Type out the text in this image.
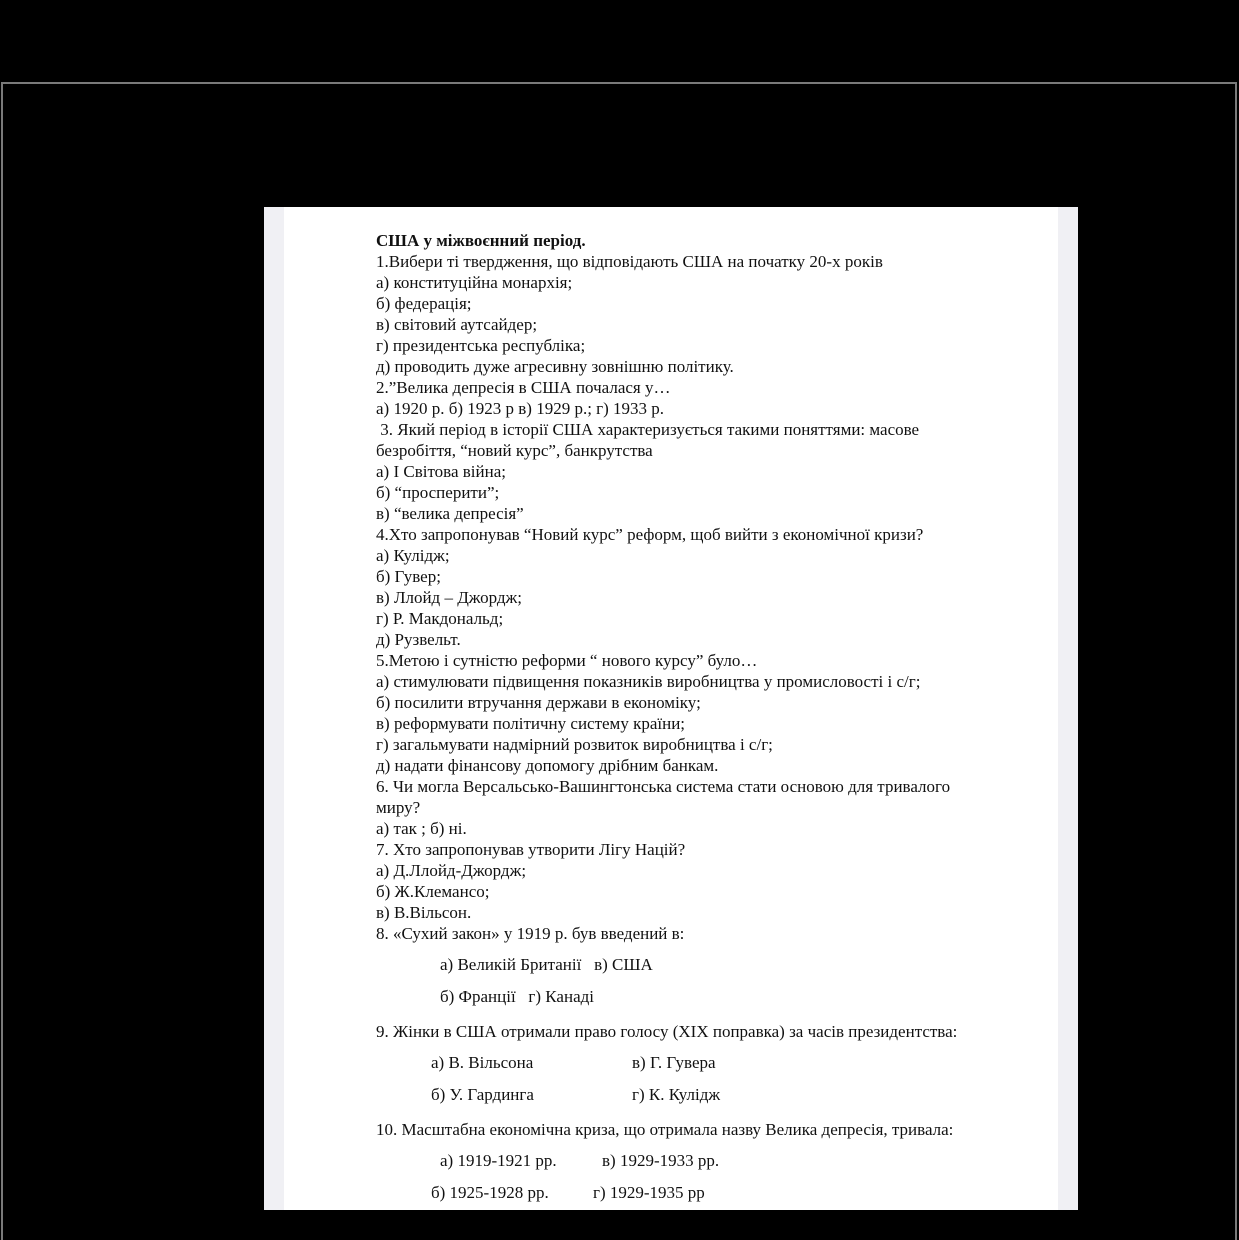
США у міжвоєнний період.
1.Вибери ті твердження, що відповідають США на початку 20-х років
а) конституційна монархія;
б) федерація;
в) світовий аутсайдер;
г) президентська республіка;
д) проводить дуже агресивну зовнішню політику.
2.”Велика депресія в США почалася у…
а) 1920 р. б) 1923 р в) 1929 р.; г) 1933 р.
3. Який період в історії США характеризується такими поняттями: масове
безробіття, “новий курс”, банкрутства
а) І Світова війна;
б) “просперити”;
в) “велика депресія”
4.Хто запропонував “Новий курс” реформ, щоб вийти з економічної кризи?
а) Кулідж;
б) Гувер;
в) Ллойд – Джордж;
г) Р. Макдональд;
д) Рузвельт.
5.Метою і сутністю реформи “ нового курсу” було…
а) стимулювати підвищення показників виробництва у промисловості і с/г;
б) посилити втручання держави в економіку;
в) реформувати політичну систему країни;
г) загальмувати надмірний розвиток виробництва і с/г;
д) надати фінансову допомогу дрібним банкам.
6. Чи могла Версальсько-Вашингтонська система стати основою для тривалого
миру?
а) так ; б) ні.
7. Хто запропонував утворити Лігу Націй?
а) Д.Ллойд-Джордж;
б) Ж.Клемансо;
в) В.Вільсон.
8. «Сухий закон» у 1919 р. був введений в:
а) Великій Британії   в) США
б) Франції   г) Канаді
9. Жінки в США отримали право голосу (XIX поправка) за часів президентства:
а) В. Вільсона	в) Г. Гувера
б) У. Гардинга	г) К. Кулідж
10. Масштабна економічна криза, що отримала назву Велика депресія, тривала:
а) 1919-1921 рр.	в) 1929-1933 рр.
б) 1925-1928 рр.	г) 1929-1935 рр
